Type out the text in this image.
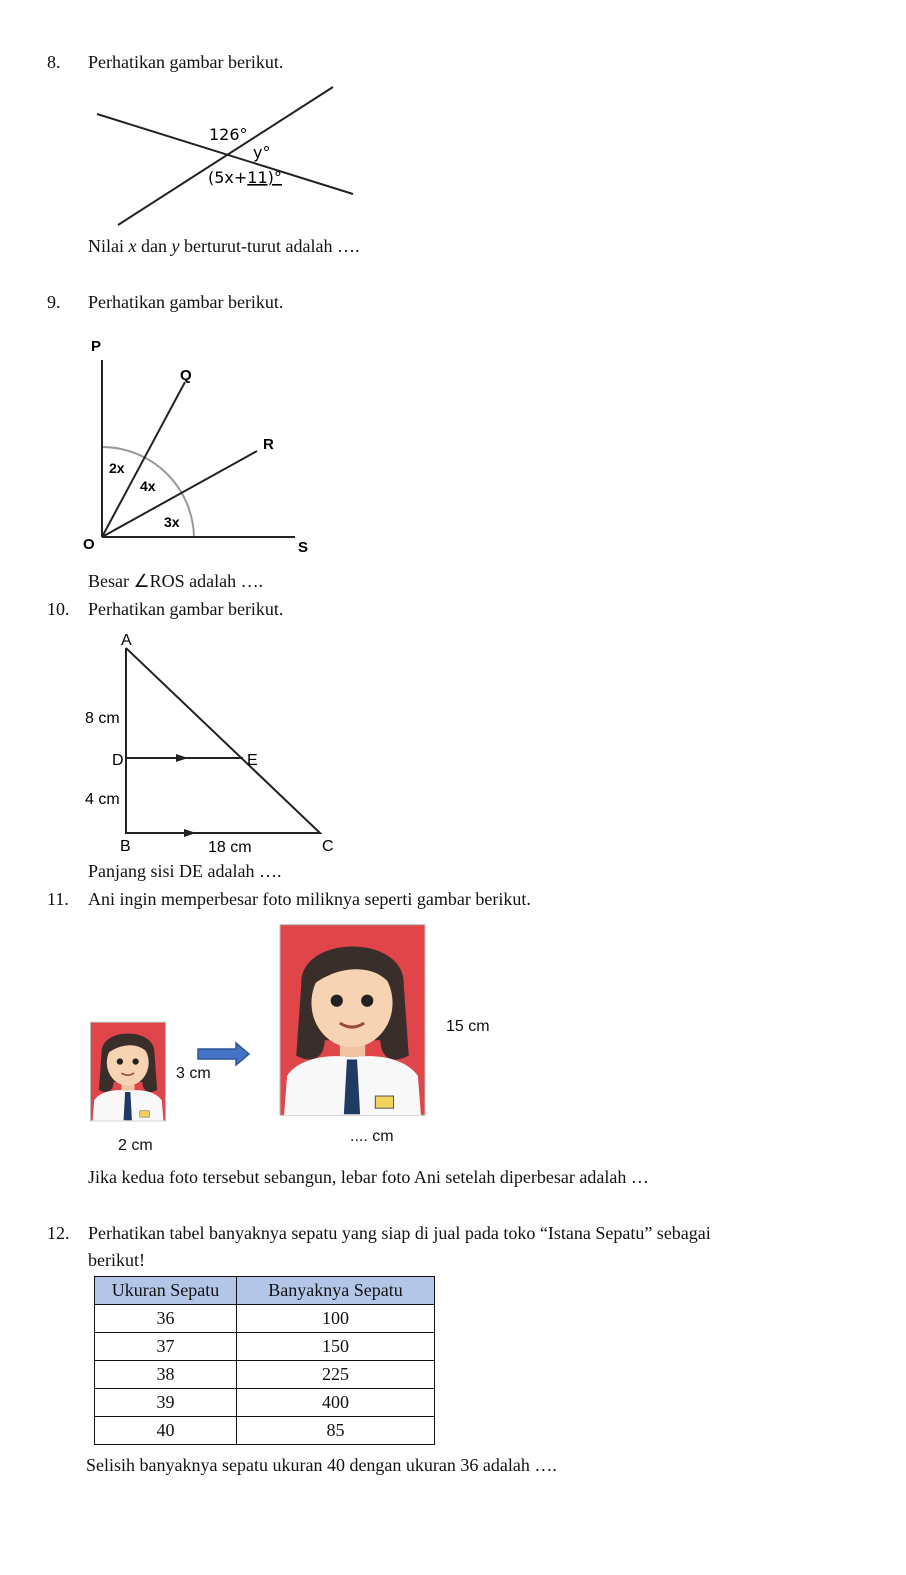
8. Perhatikan gambar berikut.
126°
y°
(5x+11)°
Nilai x dan y berturut-turut adalah ….
9. Perhatikan gambar berikut.
P
Q
R
O	S
2x
4x
3x
Besar ∠ROS adalah ….
10. Perhatikan gambar berikut.
A
D	E
B	C
8 cm
4 cm
18 cm
Panjang sisi DE adalah ….
11. Ani ingin memperbesar foto miliknya seperti gambar berikut.
3 cm
2 cm
15 cm
.... cm
Jika kedua foto tersebut sebangun, lebar foto Ani setelah diperbesar adalah …
12. Perhatikan tabel banyaknya sepatu yang siap di jual pada toko “Istana Sepatu” sebagai
berikut!
Ukuran Sepatu	Banyaknya Sepatu
36	100
37	150
38	225
39	400
40	85
Selisih banyaknya sepatu ukuran 40 dengan ukuran 36 adalah ….
